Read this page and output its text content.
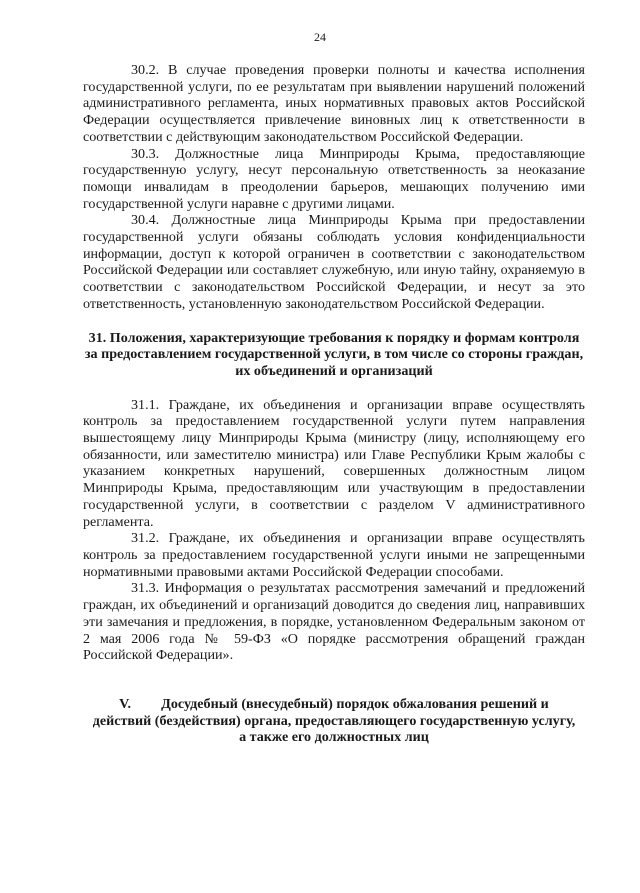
24

30.2. В случае проведения проверки полноты и качества исполнения государственной услуги, по ее результатам при выявлении нарушений положений административного регламента, иных нормативных правовых актов Российской Федерации осуществляется привлечение виновных лиц к ответственности в соответствии с действующим законодательством Российской Федерации.

30.3. Должностные лица Минприроды Крыма, предоставляющие государственную услугу, несут персональную ответственность за неоказание помощи инвалидам в преодолении барьеров, мешающих получению ими государственной услуги наравне с другими лицами.

30.4. Должностные лица Минприроды Крыма при предоставлении государственной услуги обязаны соблюдать условия конфиденциальности информации, доступ к которой ограничен в соответствии с законодательством Российской Федерации или составляет служебную, или иную тайну, охраняемую в соответствии с законодательством Российской Федерации, и несут за это ответственность, установленную законодательством Российской Федерации.

31. Положения, характеризующие требования к порядку и формам контроля за предоставлением государственной услуги, в том числе со стороны граждан, их объединений и организаций

31.1. Граждане, их объединения и организации вправе осуществлять контроль за предоставлением государственной услуги путем направления вышестоящему лицу Минприроды Крыма (министру (лицу, исполняющему его обязанности, или заместителю министра) или Главе Республики Крым жалобы с указанием конкретных нарушений, совершенных должностным лицом Минприроды Крыма, предоставляющим или участвующим в предоставлении государственной услуги, в соответствии с разделом V административного регламента.

31.2. Граждане, их объединения и организации вправе осуществлять контроль за предоставлением государственной услуги иными не запрещенными нормативными правовыми актами Российской Федерации способами.

31.3. Информация о результатах рассмотрения замечаний и предложений граждан, их объединений и организаций доводится до сведения лиц, направивших эти замечания и предложения, в порядке, установленном Федеральным законом от 2 мая 2006 года № 59-ФЗ «О порядке рассмотрения обращений граждан Российской Федерации».

V. Досудебный (внесудебный) порядок обжалования решений и действий (бездействия) органа, предоставляющего государственную услугу, а также его должностных лиц
